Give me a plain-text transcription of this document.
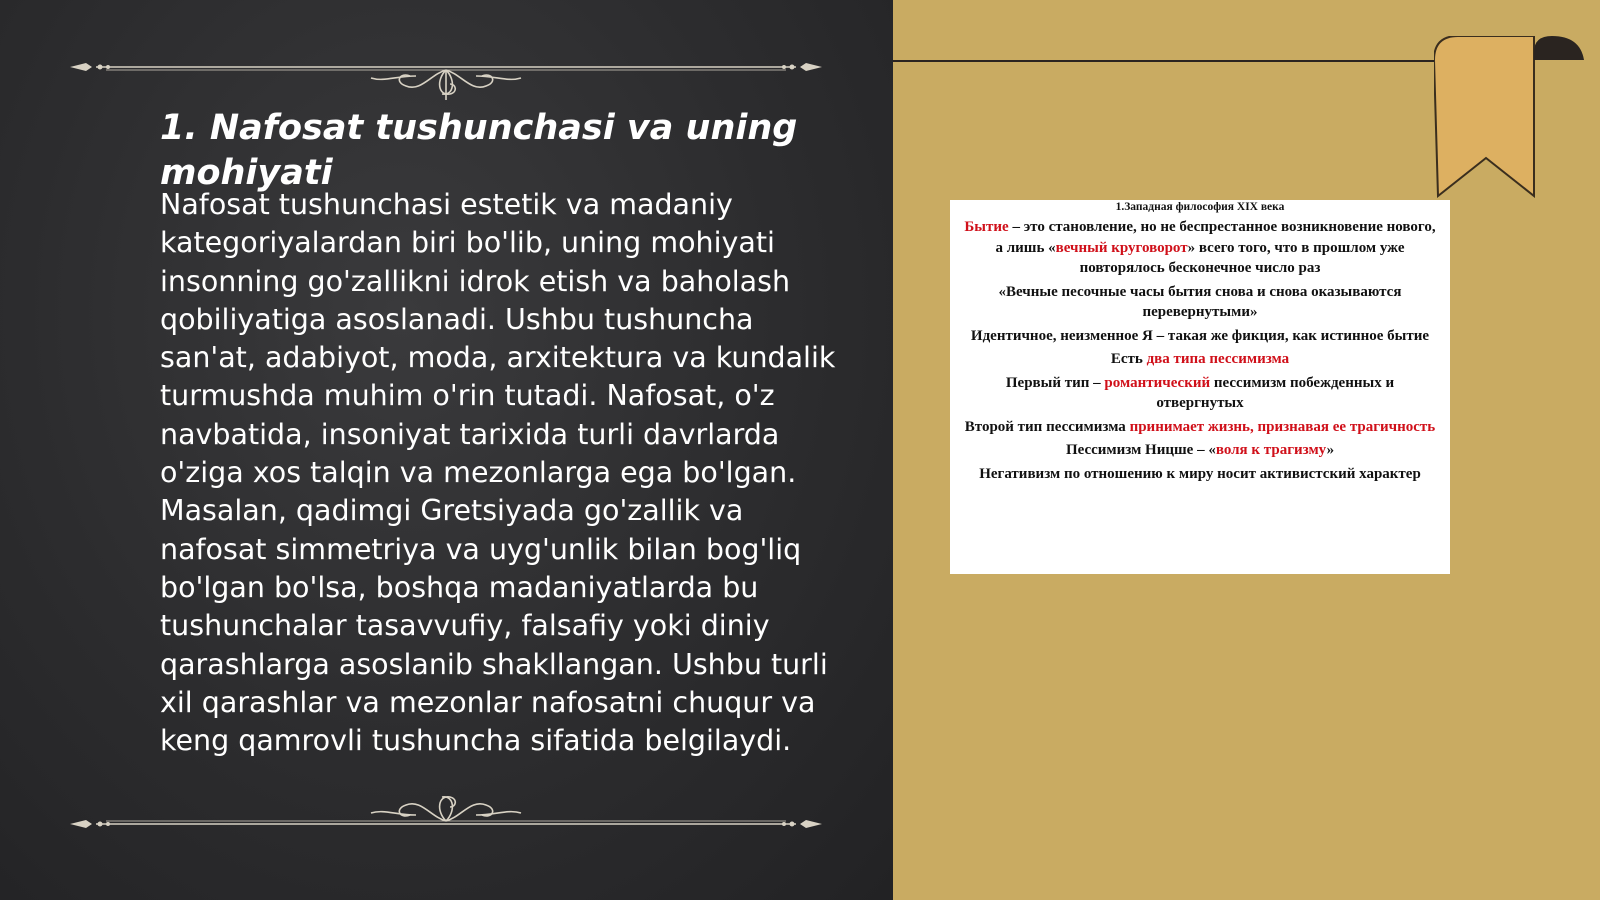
1. Nafosat tushunchasi va uning mohiyati

Nafosat tushunchasi estetik va madaniy kategoriyalardan biri bo'lib, uning mohiyati insonning go'zallikni idrok etish va baholash qobiliyatiga asoslanadi. Ushbu tushuncha san'at, adabiyot, moda, arxitektura va kundalik turmushda muhim o'rin tutadi. Nafosat, o'z navbatida, insoniyat tarixida turli davrlarda o'ziga xos talqin va mezonlarga ega bo'lgan. Masalan, qadimgi Gretsiyada go'zallik va nafosat simmetriya va uyg'unlik bilan bog'liq bo'lgan bo'lsa, boshqa madaniyatlarda bu tushunchalar tasavvufiy, falsafiy yoki diniy qarashlarga asoslanib shakllangan. Ushbu turli xil qarashlar va mezonlar nafosatni chuqur va keng qamrovli tushuncha sifatida belgilaydi.

1.Западная философия XIX века
Бытие – это становление, но не беспрестанное возникновение нового, а лишь «вечный круговорот» всего того, что в прошлом уже повторялось бесконечное число раз
«Вечные песочные часы бытия снова и снова оказываются перевернутыми»
Идентичное, неизменное Я – такая же фикция, как истинное бытие
Есть два типа пессимизма
Первый тип – романтический пессимизм побежденных и отвергнутых
Второй тип пессимизма принимает жизнь, признавая ее трагичность
Пессимизм Ницше – «воля к трагизму»
Негативизм по отношению к миру носит активистский характер
